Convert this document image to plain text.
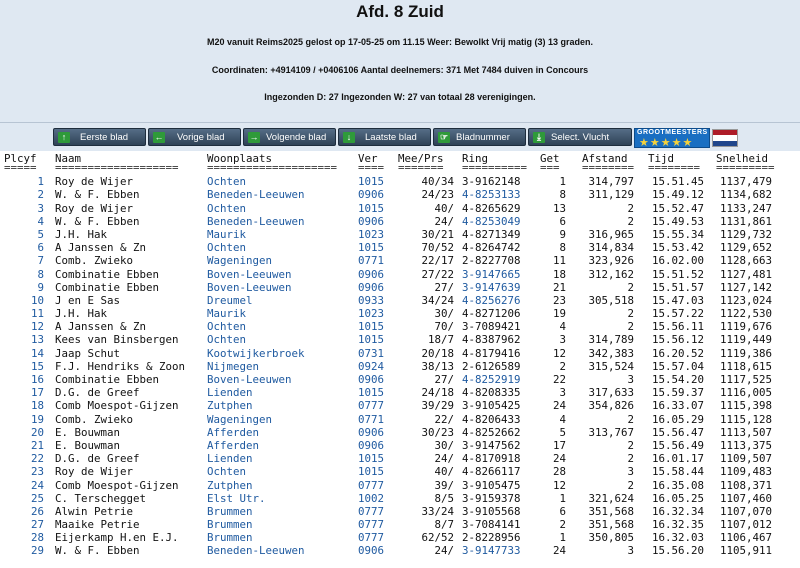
Afd. 8 Zuid
M20 vanuit Reims2025 gelost op 17-05-25 om 11.15 Weer: Bewolkt Vrij matig (3) 13 graden.
Coordinaten: +4914109 / +0406106 Aantal deelnemers: 371 Met 7484 duiven in Concours
Ingezonden D: 27 Ingezonden W: 27 van totaal 28 verenigingen.
↑	Eerste blad	← Vorige blad	→ Volgende blad	↓	Laatste blad	☞ Bladnummer	⤓	Select. Vlucht	GROOTMEESTERS
★★★★★
Plcyf	Naam	Woonplaats	Ver	Mee/Prs	Ring	Get	Afstand	Tijd	Snelheid
=====	===================	====================	====	=======	==========	===	========	========	=========
1 Roy de Wijer	Ochten	1015	40/34 3-9162148	1	314,797	15.51.45	1137,479
2 W. & F. Ebben	Beneden-Leeuwen	0906	24/23 4-8253133	8	311,129	15.49.12	1134,682
3 Roy de Wijer	Ochten	1015	40/ 4-8265629	13	2	15.52.47	1133,247
4 W. & F. Ebben	Beneden-Leeuwen	0906	24/ 4-8253049	6	2	15.49.53	1131,861
5 J.H. Hak	Maurik	1023	30/21 4-8271349	9	316,965	15.55.34	1129,732
6 A Janssen & Zn	Ochten	1015	70/52 4-8264742	8	314,834	15.53.42	1129,652
7 Comb. Zwieko	Wageningen	0771	22/17 2-8227708	11	323,926	16.02.00	1128,663
8 Combinatie Ebben	Boven-Leeuwen	0906	27/22 3-9147665	18	312,162	15.51.52	1127,481
9 Combinatie Ebben	Boven-Leeuwen	0906	27/ 3-9147639	21	2	15.51.57	1127,142
10 J en E Sas	Dreumel	0933	34/24 4-8256276	23	305,518	15.47.03	1123,024
11 J.H. Hak	Maurik	1023	30/ 4-8271206	19	2	15.57.22	1122,530
12 A Janssen & Zn	Ochten	1015	70/ 3-7089421	4	2	15.56.11	1119,676
13 Kees van Binsbergen	Ochten	1015	18/7 4-8387962	3	314,789	15.56.12	1119,449
14 Jaap Schut	Kootwijkerbroek	0731	20/18 4-8179416	12	342,383	16.20.52	1119,386
15 F.J. Hendriks & Zoon	Nijmegen	0924	38/13 2-6126589	2	315,524	15.57.04	1118,615
16 Combinatie Ebben	Boven-Leeuwen	0906	27/ 4-8252919	22	3	15.54.20	1117,525
17 D.G. de Greef	Lienden	1015	24/18 4-8208335	3	317,633	15.59.37	1116,005
18 Comb Moespot-Gijzen	Zutphen	0777	39/29 3-9105425	24	354,826	16.33.07	1115,398
19 Comb. Zwieko	Wageningen	0771	22/ 4-8206433	4	2	16.05.29	1115,128
20 E. Bouwman	Afferden	0906	30/23 4-8252662	5	313,767	15.56.47	1113,507
21 E. Bouwman	Afferden	0906	30/ 3-9147562	17	2	15.56.49	1113,375
22 D.G. de Greef	Lienden	1015	24/ 4-8170918	24	2	16.01.17	1109,507
23 Roy de Wijer	Ochten	1015	40/ 4-8266117	28	3	15.58.44	1109,483
24 Comb Moespot-Gijzen	Zutphen	0777	39/ 3-9105475	12	2	16.35.08	1108,371
25 C. Terschegget	Elst Utr.	1002	8/5 3-9159378	1	321,624	16.05.25	1107,460
26 Alwin Petrie	Brummen	0777	33/24 3-9105568	6	351,568	16.32.34	1107,070
27 Maaike Petrie	Brummen	0777	8/7 3-7084141	2	351,568	16.32.35	1107,012
28 Eijerkamp H.en E.J.	Brummen	0777	62/52 2-8228956	1	350,805	16.32.03	1106,467
29 W. & F. Ebben	Beneden-Leeuwen	0906	24/ 3-9147733	24	3	15.56.20	1105,911
